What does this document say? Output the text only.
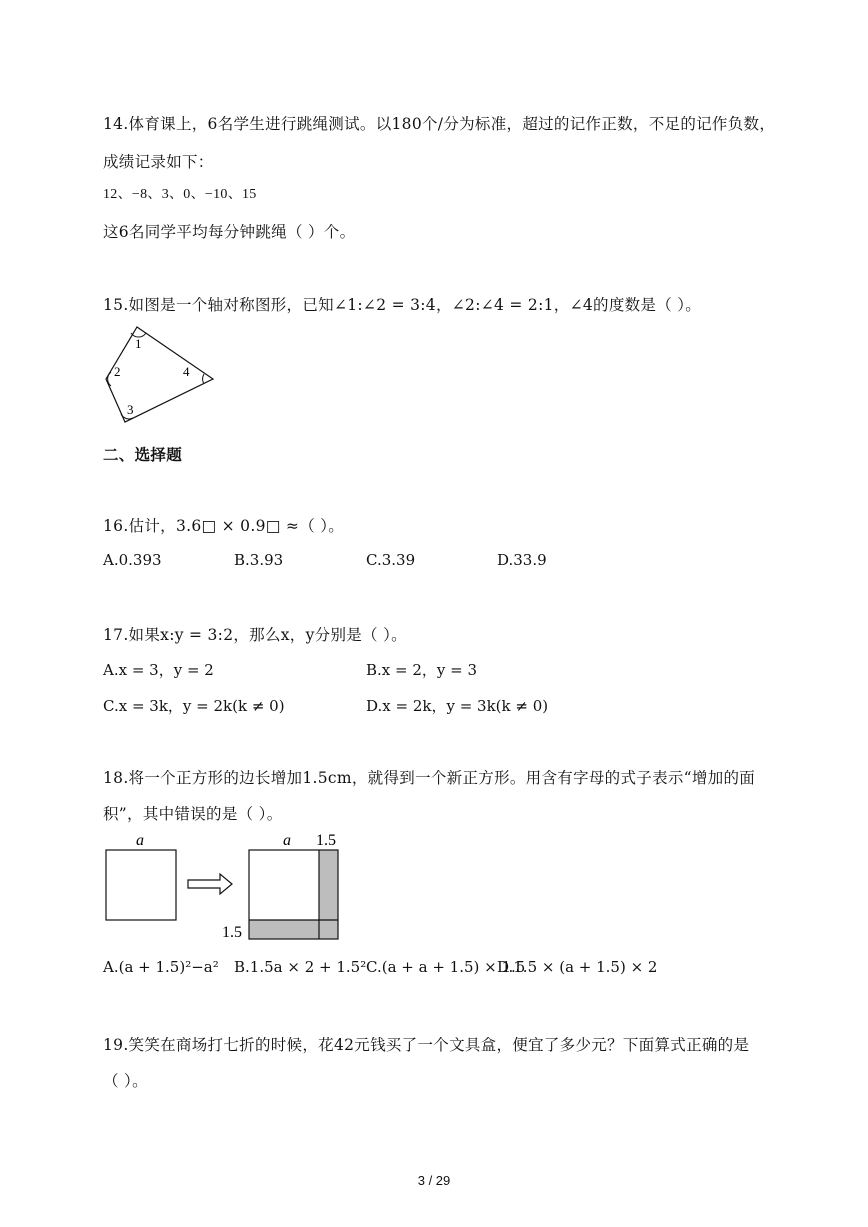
14.体育课上，6名学生进行跳绳测试。以180个/分为标准，超过的记作正数，不足的记作负数，
成绩记录如下：
12、−8、3、0、−10、15
这6名同学平均每分钟跳绳（ ）个。
15.如图是一个轴对称图形，已知∠1:∠2 = 3:4，∠2:∠4 = 2:1，∠4的度数是（ ）。
1
2
3
4
二、选择题
16.估计，3.6□ × 0.9□ ≈（ ）。
A.0.393	B.3.93	C.3.39	D.33.9
17.如果x:y = 3:2，那么x，y分别是（ ）。
A.x = 3，y = 2	B.x = 2，y = 3
C.x = 3k，y = 2k(k ≠ 0)	D.x = 2k，y = 3k(k ≠ 0)
18.将一个正方形的边长增加1.5cm，就得到一个新正方形。用含有字母的式子表示“增加的面
积”，其中错误的是（ ）。
a	a 1.5
1.5
A.(a + 1.5)²−a² B.1.5a × 2 + 1.5² C.(a + a + 1.5) × 1.5
D.1.5 × (a + 1.5) × 2
19.笑笑在商场打七折的时候，花42元钱买了一个文具盒，便宜了多少元？下面算式正确的是
（ ）。
3 / 29
